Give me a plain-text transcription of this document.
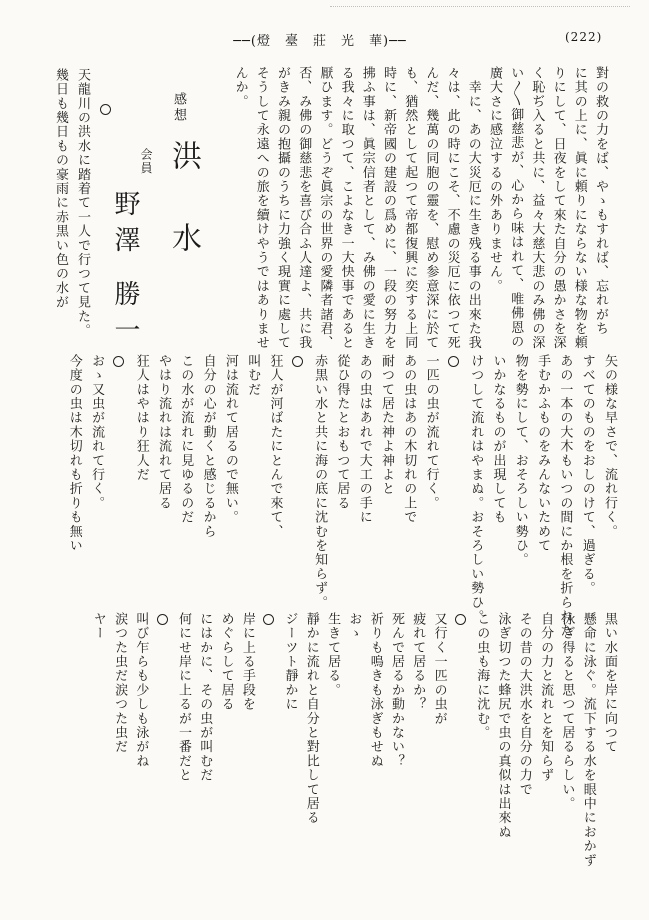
──(燈　臺　莊　光　華)──	(222)
感想
洪
水
会員
野澤 勝一	對の救の力をば、やゝもすれば、忘れがち
に其の上に、眞に頼りにならない様な物を頼
りにして、日夜をして來た自分の愚かさを深
く恥ぢ入ると共に、益々大慈大悲のみ佛の深
い〳〵御慈悲が、心から味はれて、唯佛恩の
廣大さに感泣するの外ありません。
　幸に、あの大災厄に生き残る事の出來た我
々は、此の時にこそ、不慮の災厄に依つて死
んだ、幾萬の同胞の靈を、慰め参意深に於て
も、猶然として起つて帝都復興に奕する上同
時に、新帝國の建設の爲めに、一段の努力を
拂ふ事は、眞宗信者として、み佛の愛に生き
る我々に取つて、こよなき一大快事であると
厭ひます。どうぞ眞宗の世界の愛隣者諸君、
否、み佛の御慈悲を喜び合ふ人達よ、共に我
がきみ親の抱攝のうちに力強く現實に處して
そうして永遠への旅を續けやうではありませ
んか。
天龍川の洪水に踏着て一人で行つて見た。
幾日も幾日もの豪雨に赤黒い色の水が
矢の様な早さで、流れ行く。
すべてのものをおしのけて、過ぎる。
あの一本の大木もいつの間にか根を折られた
手むかふものをみんないためて
物を勢にして、おそろしい勢ひ。
いかなるものが出現しても
けつして流れはやまぬ。おそろしい勢ひ。
一匹の虫が流れて行く。
あの虫はあの木切れの上で
耐つて居た神よ神よと
あの虫はあれで大工の手に
從ひ得たとおもつて居る
赤黒い水と共に海の底に沈むを知らず。
狂人が河ばたにとんで來て、
叫むだ
河は流れて居るので無い。
自分の心が動くと感じるから
この水が流れに見ゆるのだ
やはり流れは流れて居る
狂人はやはり狂人だ
おゝ又虫が流れて行く。
今度の虫は木切れも折りも無い
黒い水面を岸に向つて
懸命に泳ぐ。流下する水を眼中におかず
泳ぎ得ると思つて居るらしい。
自分の力と流れとを知らず
その昔の大洪水を自分の力で
泳ぎ切つた蜂尻で虫の真似は出來ぬ
この虫も海に沈む。
又行く一匹の虫が
疲れて居るか？
死んで居るか動かない？
祈りも鳴きも泳ぎもせぬ
おゝ
生きて居る。
靜かに流れと自分と對比して居る
ジーツト靜かに
岸に上る手段を
めぐらして居る
にはかに、その虫が叫むだ
何にせ岸に上るが一番だと
叫び乍らも少しも泳がね
涙つた虫だ涙つた虫だ
ヤー
